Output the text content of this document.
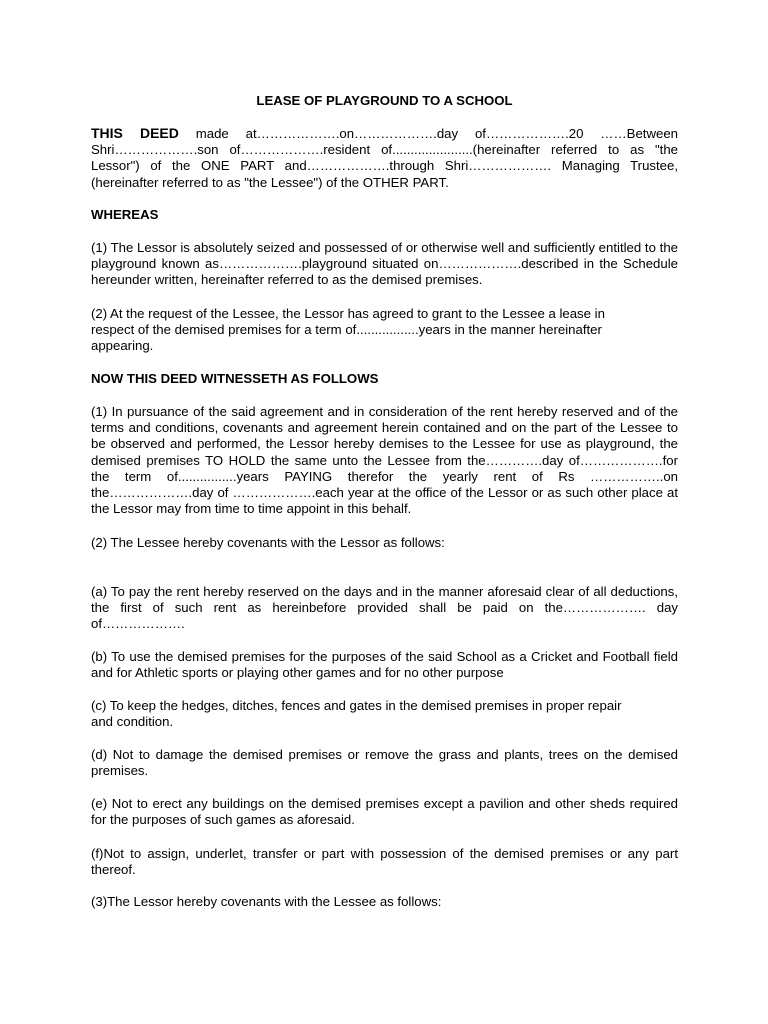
LEASE OF PLAYGROUND TO A SCHOOL
THIS DEED made at……………….on……………….day of……………….20 ……Between Shri……………….son of……………….resident of......................(hereinafter referred to as "the Lessor") of the ONE PART and……………….through Shri………………. Managing Trustee, (hereinafter referred to as "the Lessee") of the OTHER PART.
WHEREAS
(1) The Lessor is absolutely seized and possessed of or otherwise well and sufficiently entitled to the playground known as……………….playground situated on……………….described in the Schedule hereunder written, hereinafter referred to as the demised premises.
(2) At the request of the Lessee, the Lessor has agreed to grant to the Lessee a lease in respect of the demised premises for a term of.................years in the manner hereinafter appearing.
NOW THIS DEED WITNESSETH AS FOLLOWS
(1) In pursuance of the said agreement and in consideration of the rent hereby reserved and of the terms and conditions, covenants and agreement herein contained and on the part of the Lessee to be observed and performed, the Lessor hereby demises to the Lessee for use as playground, the demised premises TO HOLD the same unto the Lessee from the………….day of……………….for the term of................years PAYING therefor the yearly rent of Rs ……………..on the……………….day of ……………….each year at the office of the Lessor or as such other place at the Lessor may from time to time appoint in this behalf.
(2) The Lessee hereby covenants with the Lessor as follows:
(a) To pay the rent hereby reserved on the days and in the manner aforesaid clear of all deductions, the first of such rent as hereinbefore provided shall be paid on the………………. day of……………….
(b) To use the demised premises for the purposes of the said School as a Cricket and Football field and for Athletic sports or playing other games and for no other purpose
(c) To keep the hedges, ditches, fences and gates in the demised premises in proper repair and condition.
(d) Not to damage the demised premises or remove the grass and plants, trees on the demised premises.
(e) Not to erect any buildings on the demised premises except a pavilion and other sheds required for the purposes of such games as aforesaid.
(f)Not to assign, underlet, transfer or part with possession of the demised premises or any part thereof.
(3)The Lessor hereby covenants with the Lessee as follows:
